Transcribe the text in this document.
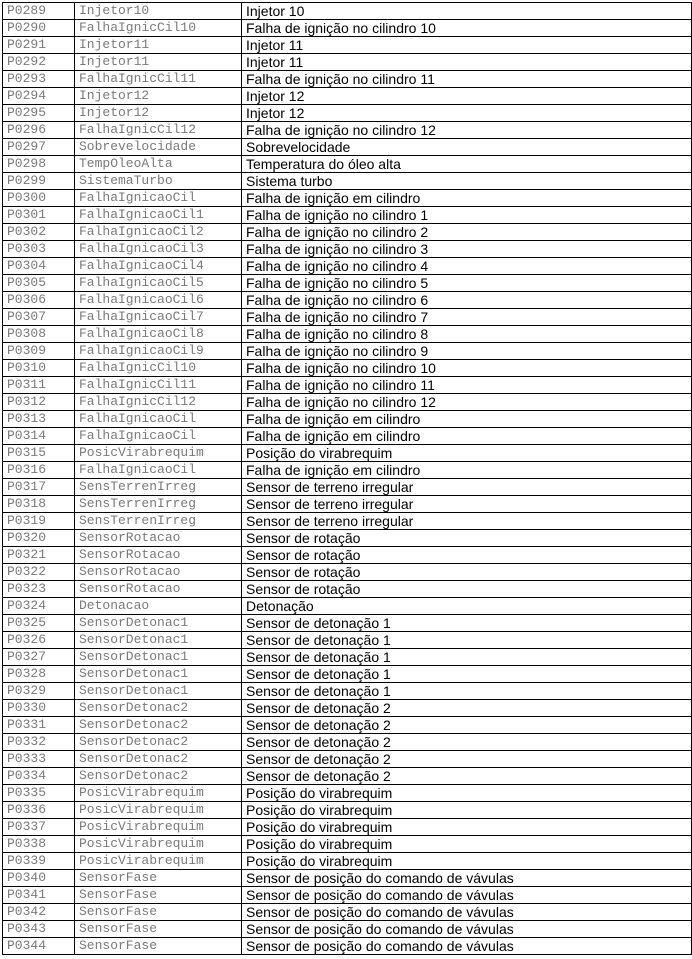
P0289	Injetor10	Injetor 10
P0290	FalhaIgnicCil10	Falha de ignição no cilindro 10
P0291	Injetor11	Injetor 11
P0292	Injetor11	Injetor 11
P0293	FalhaIgnicCil11	Falha de ignição no cilindro 11
P0294	Injetor12	Injetor 12
P0295	Injetor12	Injetor 12
P0296	FalhaIgnicCil12	Falha de ignição no cilindro 12
P0297	Sobrevelocidade	Sobrevelocidade
P0298	TempOleoAlta	Temperatura do óleo alta
P0299	SistemaTurbo	Sistema turbo
P0300	FalhaIgnicaoCil	Falha de ignição em cilindro
P0301	FalhaIgnicaoCil1	Falha de ignição no cilindro 1
P0302	FalhaIgnicaoCil2	Falha de ignição no cilindro 2
P0303	FalhaIgnicaoCil3	Falha de ignição no cilindro 3
P0304	FalhaIgnicaoCil4	Falha de ignição no cilindro 4
P0305	FalhaIgnicaoCil5	Falha de ignição no cilindro 5
P0306	FalhaIgnicaoCil6	Falha de ignição no cilindro 6
P0307	FalhaIgnicaoCil7	Falha de ignição no cilindro 7
P0308	FalhaIgnicaoCil8	Falha de ignição no cilindro 8
P0309	FalhaIgnicaoCil9	Falha de ignição no cilindro 9
P0310	FalhaIgnicCil10	Falha de ignição no cilindro 10
P0311	FalhaIgnicCil11	Falha de ignição no cilindro 11
P0312	FalhaIgnicCil12	Falha de ignição no cilindro 12
P0313	FalhaIgnicaoCil	Falha de ignição em cilindro
P0314	FalhaIgnicaoCil	Falha de ignição em cilindro
P0315	PosicVirabrequim	Posição do virabrequim
P0316	FalhaIgnicaoCil	Falha de ignição em cilindro
P0317	SensTerrenIrreg	Sensor de terreno irregular
P0318	SensTerrenIrreg	Sensor de terreno irregular
P0319	SensTerrenIrreg	Sensor de terreno irregular
P0320	SensorRotacao	Sensor de rotação
P0321	SensorRotacao	Sensor de rotação
P0322	SensorRotacao	Sensor de rotação
P0323	SensorRotacao	Sensor de rotação
P0324	Detonacao	Detonação
P0325	SensorDetonac1	Sensor de detonação 1
P0326	SensorDetonac1	Sensor de detonação 1
P0327	SensorDetonac1	Sensor de detonação 1
P0328	SensorDetonac1	Sensor de detonação 1
P0329	SensorDetonac1	Sensor de detonação 1
P0330	SensorDetonac2	Sensor de detonação 2
P0331	SensorDetonac2	Sensor de detonação 2
P0332	SensorDetonac2	Sensor de detonação 2
P0333	SensorDetonac2	Sensor de detonação 2
P0334	SensorDetonac2	Sensor de detonação 2
P0335	PosicVirabrequim	Posição do virabrequim
P0336	PosicVirabrequim	Posição do virabrequim
P0337	PosicVirabrequim	Posição do virabrequim
P0338	PosicVirabrequim	Posição do virabrequim
P0339	PosicVirabrequim	Posição do virabrequim
P0340	SensorFase	Sensor de posição do comando de vávulas
P0341	SensorFase	Sensor de posição do comando de vávulas
P0342	SensorFase	Sensor de posição do comando de vávulas
P0343	SensorFase	Sensor de posição do comando de vávulas
P0344	SensorFase	Sensor de posição do comando de vávulas
